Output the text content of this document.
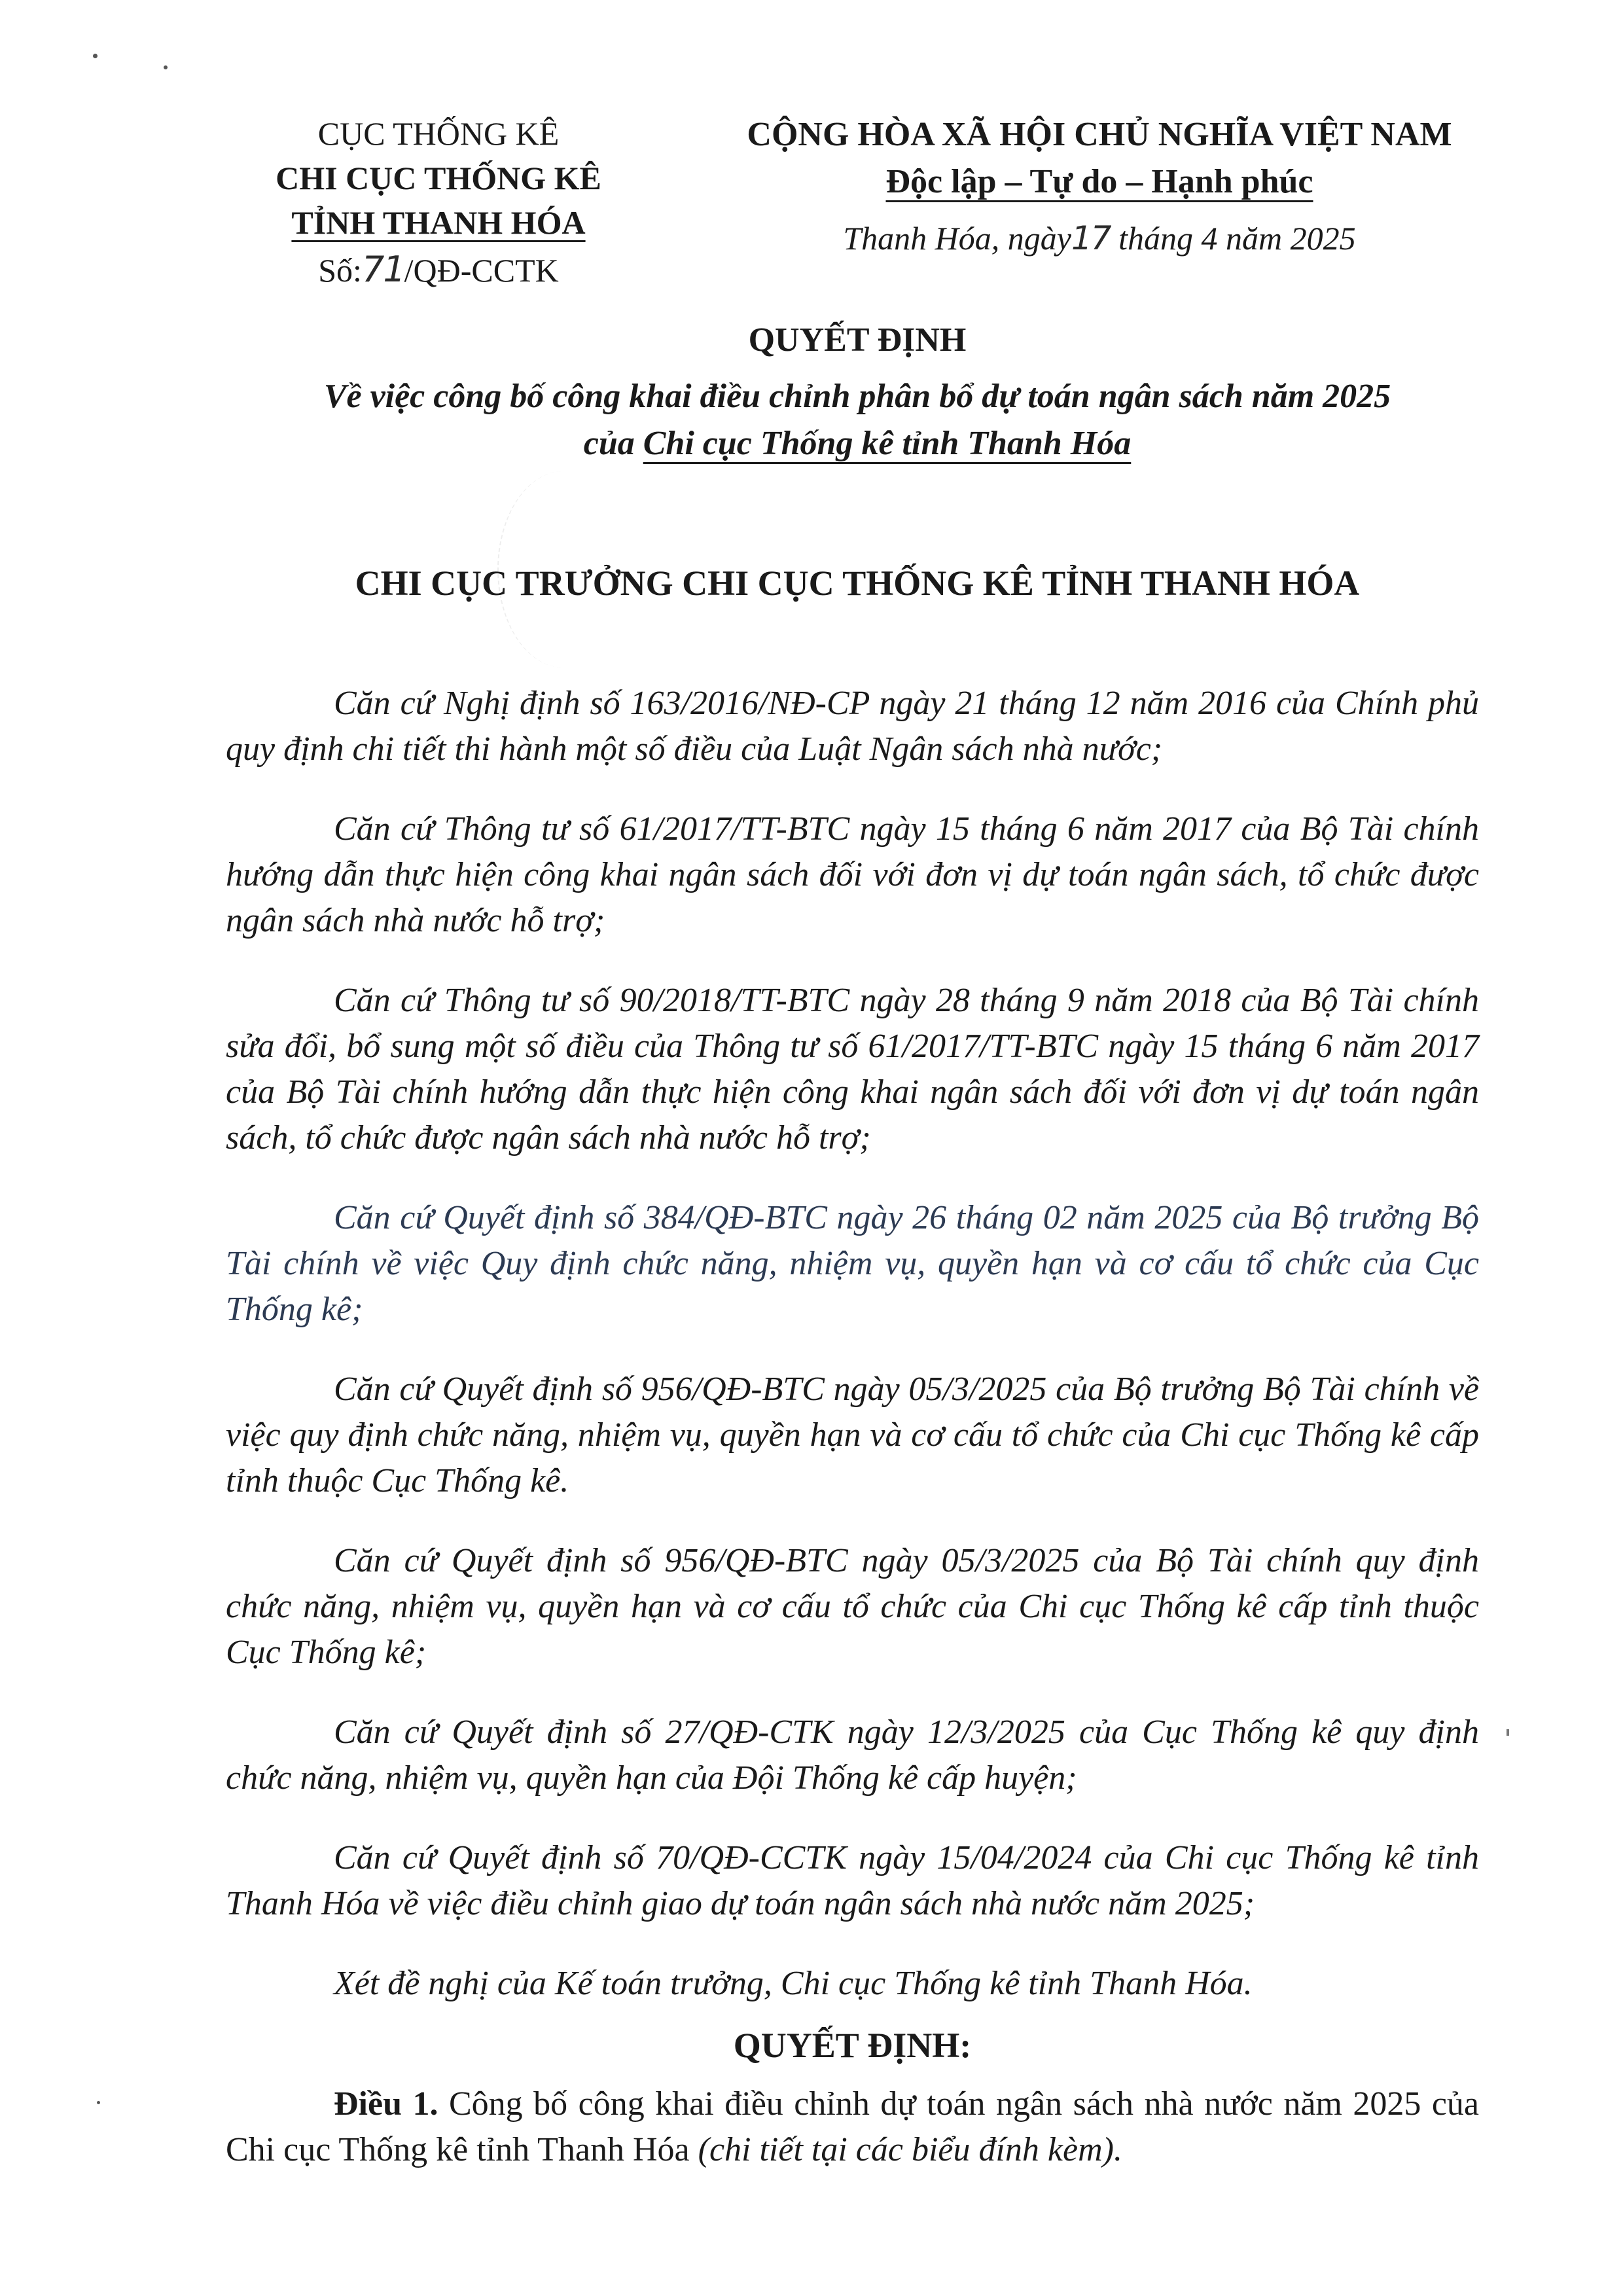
CỤC THỐNG KÊ
CHI CỤC THỐNG KÊ
TỈNH THANH HÓA
Số:71/QĐ-CCTK
CỘNG HÒA XÃ HỘI CHỦ NGHĨA VIỆT NAM
Độc lập – Tự do – Hạnh phúc
Thanh Hóa, ngày17 tháng 4 năm 2025
QUYẾT ĐỊNH
Về việc công bố công khai điều chỉnh phân bổ dự toán ngân sách năm 2025
của Chi cục Thống kê tỉnh Thanh Hóa
CHI CỤC TRƯỞNG CHI CỤC THỐNG KÊ TỈNH THANH HÓA

Căn cứ Nghị định số 163/2016/NĐ-CP ngày 21 tháng 12 năm 2016 của Chính phủ quy định chi tiết thi hành một số điều của Luật Ngân sách nhà nước;

Căn cứ Thông tư số 61/2017/TT-BTC ngày 15 tháng 6 năm 2017 của Bộ Tài chính hướng dẫn thực hiện công khai ngân sách đối với đơn vị dự toán ngân sách, tổ chức được ngân sách nhà nước hỗ trợ;

Căn cứ Thông tư số 90/2018/TT-BTC ngày 28 tháng 9 năm 2018 của Bộ Tài chính sửa đổi, bổ sung một số điều của Thông tư số 61/2017/TT-BTC ngày 15 tháng 6 năm 2017 của Bộ Tài chính hướng dẫn thực hiện công khai ngân sách đối với đơn vị dự toán ngân sách, tổ chức được ngân sách nhà nước hỗ trợ;

Căn cứ Quyết định số 384/QĐ-BTC ngày 26 tháng 02 năm 2025 của Bộ trưởng Bộ Tài chính về việc Quy định chức năng, nhiệm vụ, quyền hạn và cơ cấu tổ chức của Cục Thống kê;

Căn cứ Quyết định số 956/QĐ-BTC ngày 05/3/2025 của Bộ trưởng Bộ Tài chính về việc quy định chức năng, nhiệm vụ, quyền hạn và cơ cấu tổ chức của Chi cục Thống kê cấp tỉnh thuộc Cục Thống kê.

Căn cứ Quyết định số 956/QĐ-BTC ngày 05/3/2025 của Bộ Tài chính quy định chức năng, nhiệm vụ, quyền hạn và cơ cấu tổ chức của Chi cục Thống kê cấp tỉnh thuộc Cục Thống kê;

Căn cứ Quyết định số 27/QĐ-CTK ngày 12/3/2025 của Cục Thống kê quy định chức năng, nhiệm vụ, quyền hạn của Đội Thống kê cấp huyện;

Căn cứ Quyết định số 70/QĐ-CCTK ngày 15/04/2024 của Chi cục Thống kê tỉnh Thanh Hóa về việc điều chỉnh giao dự toán ngân sách nhà nước năm 2025;

Xét đề nghị của Kế toán trưởng, Chi cục Thống kê tỉnh Thanh Hóa.

QUYẾT ĐỊNH:

Điều 1. Công bố công khai điều chỉnh dự toán ngân sách nhà nước năm 2025 của Chi cục Thống kê tỉnh Thanh Hóa (chi tiết tại các biểu đính kèm).
